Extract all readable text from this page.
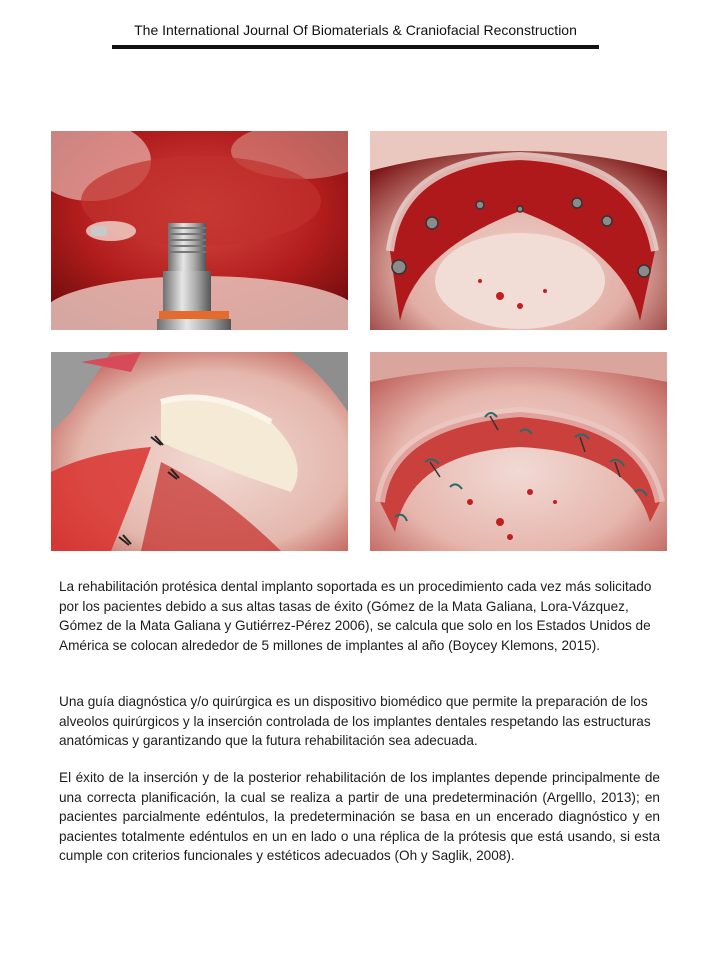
The International Journal Of Biomaterials & Craniofacial Reconstruction
La rehabilitación protésica dental implanto soportada es un procedimiento cada vez más solicitado por los pacientes debido a sus altas tasas de éxito (Gómez de la Mata Galiana, Lora-Vázquez, Gómez de la Mata Galiana y Gutiérrez-Pérez 2006), se calcula que solo en los Estados Unidos de América se colocan alrededor de 5 millones de implantes al año (Boycey Klemons, 2015).
Una guía diagnóstica y/o quirúrgica es un dispositivo biomédico que permite la preparación de los alveolos quirúrgicos y la inserción controlada de los implantes dentales respetando las estructuras anatómicas y garantizando que la futura rehabilitación sea adecuada.
El éxito de la inserción y de la posterior rehabilitación de los implantes depende principalmente de una correcta planificación, la cual se realiza a partir de una predeterminación (Argelllo, 2013); en pacientes parcialmente edéntulos, la predeterminación se basa en un encerado diagnóstico y en pacientes totalmente edéntulos en un en lado o una réplica de la prótesis que está usando, si esta cumple con criterios funcionales y estéticos adecuados (Oh y Saglik, 2008).
